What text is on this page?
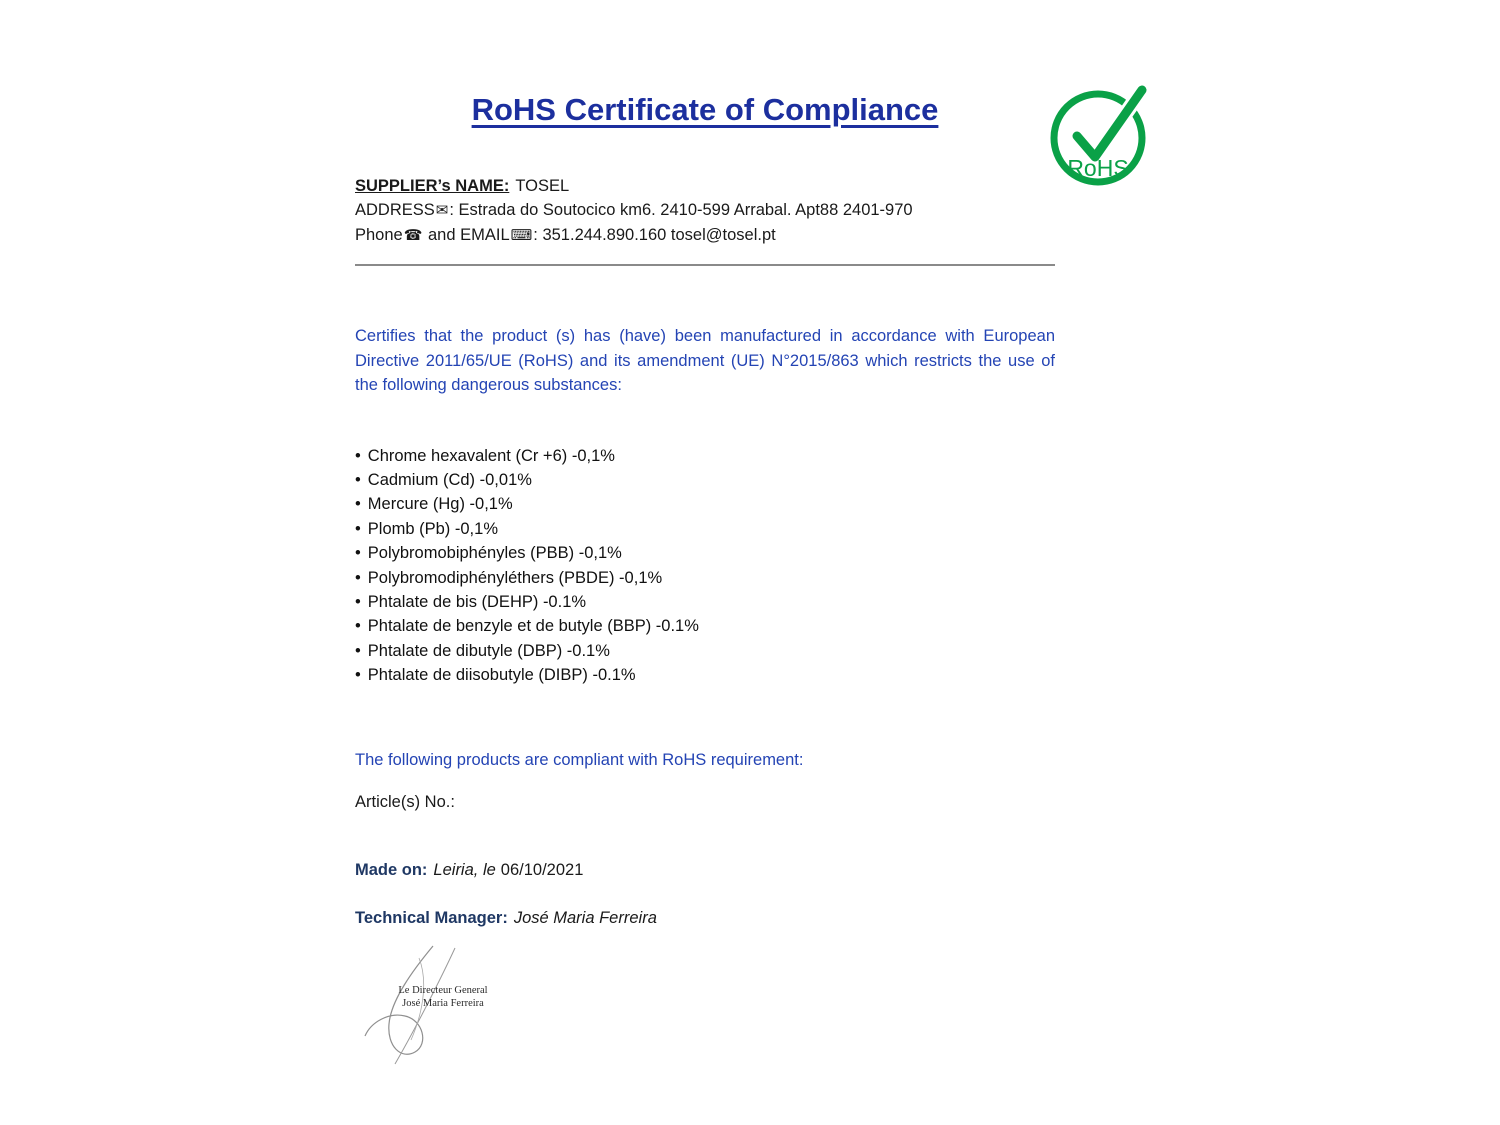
RoHS
RoHS Certificate of Compliance

SUPPLIER’s NAME: TOSEL

ADDRESS✉: Estrada do Soutocico km6. 2410-599 Arrabal. Apt88 2401-970

Phone☎ and EMAIL⌨: 351.244.890.160 tosel@tosel.pt

Certifies that the product (s) has (have) been manufactured in accordance with European Directive 2011/65/UE (RoHS) and its amendment (UE) N°2015/863 which restricts the use of the following dangerous substances:

• Chrome hexavalent (Cr +6) -0,1%
• Cadmium (Cd) -0,01%
• Mercure (Hg) -0,1%
• Plomb (Pb) -0,1%
• Polybromobiphényles (PBB) -0,1%
• Polybromodiphényléthers (PBDE) -0,1%
• Phtalate de bis (DEHP) -0.1%
• Phtalate de benzyle et de butyle (BBP) -0.1%
• Phtalate de dibutyle (DBP) -0.1%
• Phtalate de diisobutyle (DIBP) -0.1%

The following products are compliant with RoHS requirement:

Article(s) No.:

Made on: Leiria, le 06/10/2021

Technical Manager: José Maria Ferreira

Le Directeur General
José Maria Ferreira
